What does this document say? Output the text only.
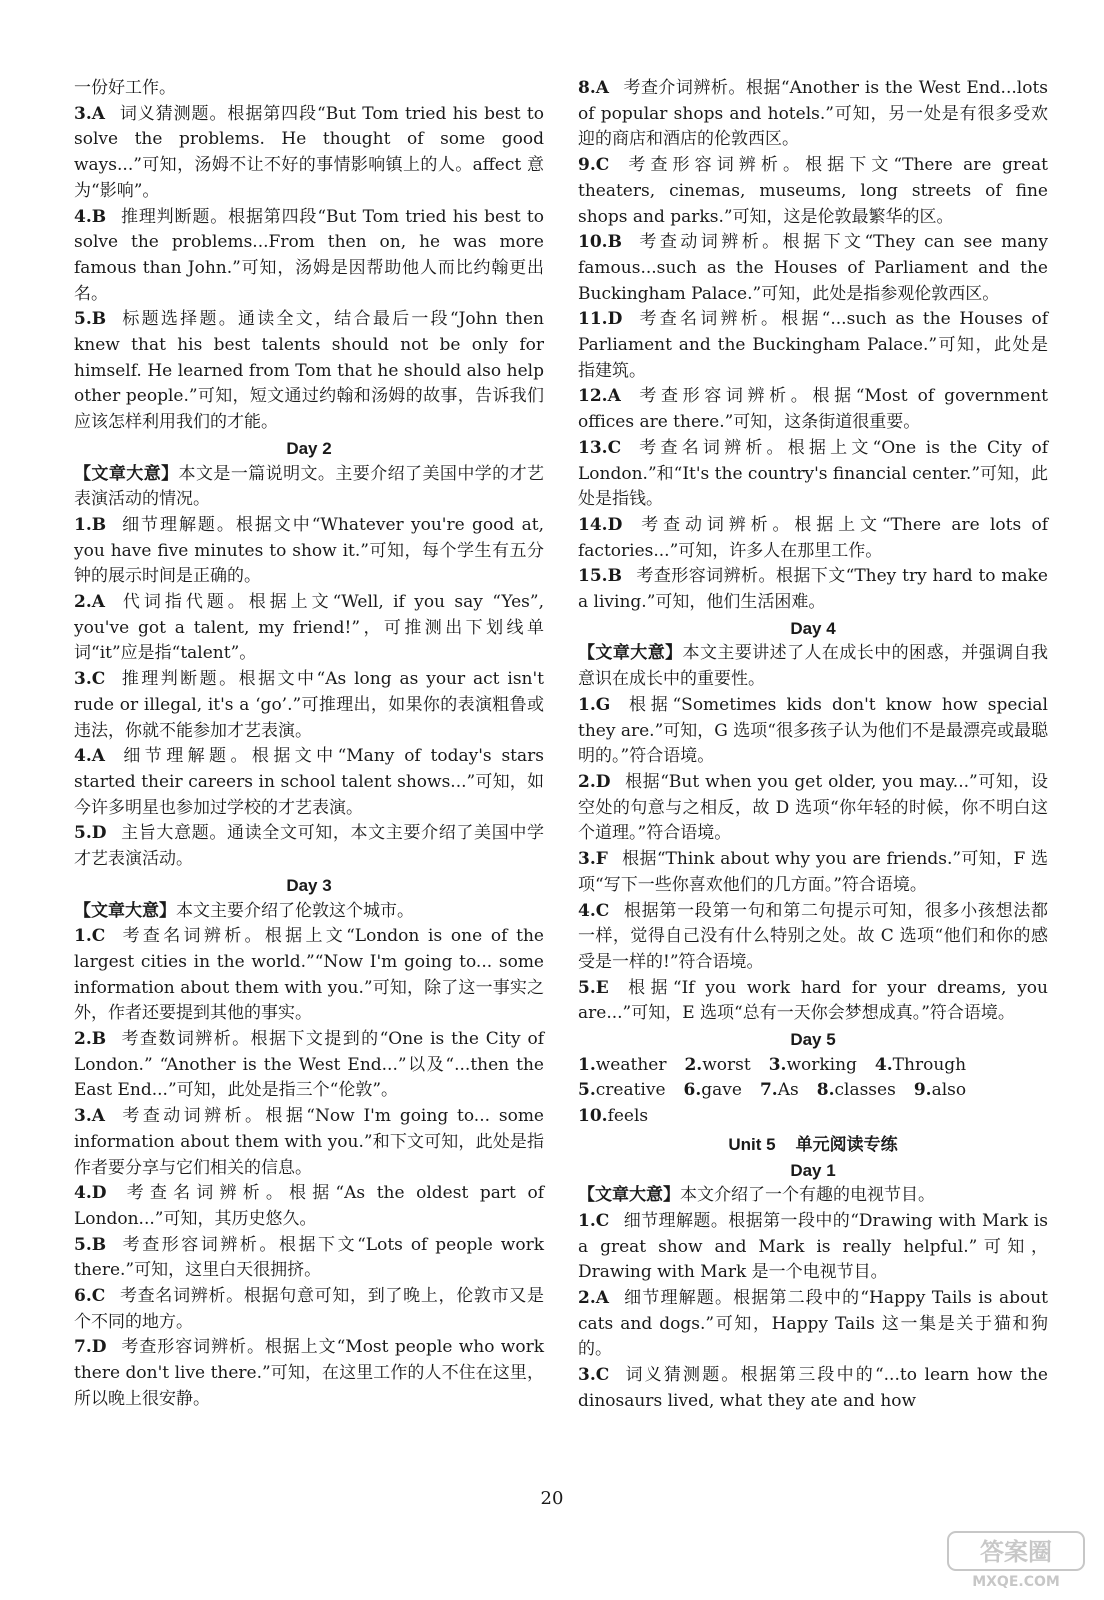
一份好工作。
3.A 词义猜测题。根据第四段“But Tom tried his best to solve the problems. He thought of some good ways...”可知，汤姆不让不好的事情影响镇上的人。affect 意为“影响”。
4.B 推理判断题。根据第四段“But Tom tried his best to solve the problems...From then on, he was more famous than John.”可知，汤姆是因帮助他人而比约翰更出名。
5.B 标题选择题。通读全文，结合最后一段“John then knew that his best talents should not be only for himself. He learned from Tom that he should also help other people.”可知，短文通过约翰和汤姆的故事，告诉我们应该怎样利用我们的才能。
Day 2
【文章大意】本文是一篇说明文。主要介绍了美国中学的才艺表演活动的情况。
1.B 细节理解题。根据文中“Whatever you're good at, you have five minutes to show it.”可知，每个学生有五分钟的展示时间是正确的。
2.A 代词指代题。根据上文“Well, if you say “Yes”, you've got a talent, my friend!”，可推测出下划线单词“it”应是指“talent”。
3.C 推理判断题。根据文中“As long as your act isn't rude or illegal, it's a ‘go’.”可推理出，如果你的表演粗鲁或违法，你就不能参加才艺表演。
4.A 细节理解题。根据文中“Many of today's stars started their careers in school talent shows...”可知，如今许多明星也参加过学校的才艺表演。
5.D 主旨大意题。通读全文可知，本文主要介绍了美国中学才艺表演活动。
Day 3
【文章大意】本文主要介绍了伦敦这个城市。
1.C 考查名词辨析。根据上文“London is one of the largest cities in the world.”“Now I'm going to... some information about them with you.”可知，除了这一事实之外，作者还要提到其他的事实。
2.B 考查数词辨析。根据下文提到的“One is the City of London.” “Another is the West End...”以及“...then the East End...”可知，此处是指三个“伦敦”。
3.A 考查动词辨析。根据“Now I'm going to... some information about them with you.”和下文可知，此处是指作者要分享与它们相关的信息。
4.D 考查名词辨析。根据“As the oldest part of London...”可知，其历史悠久。
5.B 考查形容词辨析。根据下文“Lots of people work there.”可知，这里白天很拥挤。
6.C 考查名词辨析。根据句意可知，到了晚上，伦敦市又是个不同的地方。
7.D 考查形容词辨析。根据上文“Most people who work there don't live there.”可知，在这里工作的人不住在这里，所以晚上很安静。
8.A 考查介词辨析。根据“Another is the West End...lots of popular shops and hotels.”可知，另一处是有很多受欢迎的商店和酒店的伦敦西区。
9.C 考查形容词辨析。根据下文“There are great theaters, cinemas, museums, long streets of fine shops and parks.”可知，这是伦敦最繁华的区。
10.B 考查动词辨析。根据下文“They can see many famous...such as the Houses of Parliament and the Buckingham Palace.”可知，此处是指参观伦敦西区。
11.D 考查名词辨析。根据“...such as the Houses of Parliament and the Buckingham Palace.”可知，此处是指建筑。
12.A 考查形容词辨析。根据“Most of government offices are there.”可知，这条街道很重要。
13.C 考查名词辨析。根据上文“One is the City of London.”和“It's the country's financial center.”可知，此处是指钱。
14.D 考查动词辨析。根据上文“There are lots of factories...”可知，许多人在那里工作。
15.B 考查形容词辨析。根据下文“They try hard to make a living.”可知，他们生活困难。
Day 4
【文章大意】本文主要讲述了人在成长中的困惑，并强调自我意识在成长中的重要性。
1.G 根据“Sometimes kids don't know how special they are.”可知，G 选项“很多孩子认为他们不是最漂亮或最聪明的。”符合语境。
2.D 根据“But when you get older, you may...”可知，设空处的句意与之相反，故 D 选项“你年轻的时候，你不明白这个道理。”符合语境。
3.F 根据“Think about why you are friends.”可知，F 选项“写下一些你喜欢他们的几方面。”符合语境。
4.C 根据第一段第一句和第二句提示可知，很多小孩想法都一样，觉得自己没有什么特别之处。故 C 选项“他们和你的感受是一样的!”符合语境。
5.E 根据“If you work hard for your dreams, you are...”可知，E 选项“总有一天你会梦想成真。”符合语境。
Day 5
1.weather 2.worst 3.working 4.Through
5.creative 6.gave 7.As 8.classes 9.also
10.feels
Unit 5 单元阅读专练
Day 1
【文章大意】本文介绍了一个有趣的电视节目。
1.C 细节理解题。根据第一段中的“Drawing with Mark is a great show and Mark is really helpful.”可知，Drawing with Mark 是一个电视节目。
2.A 细节理解题。根据第二段中的“Happy Tails is about cats and dogs.”可知，Happy Tails 这一集是关于猫和狗的。
3.C 词义猜测题。根据第三段中的“...to learn how the dinosaurs lived, what they ate and how
20
答案圈
MXQE.COM
